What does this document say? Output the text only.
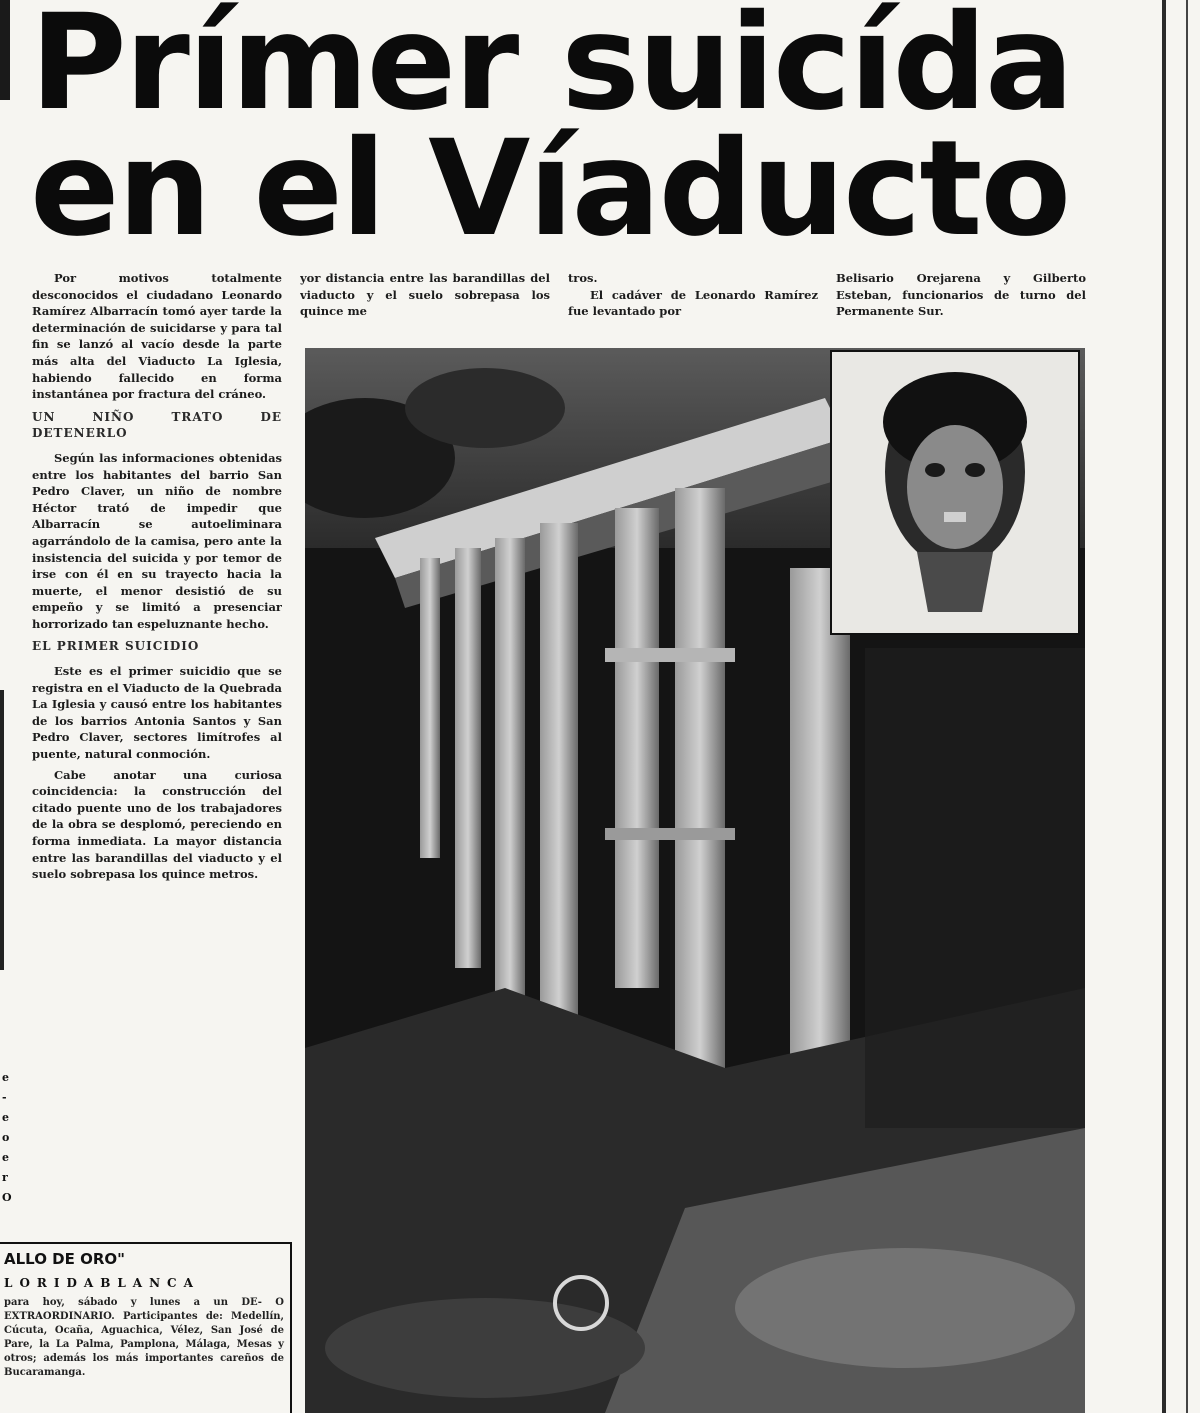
Prímer suicída
en el Víaducto

Por motivos totalmente desconocidos el ciudadano Leonardo Ramírez Albarracín tomó ayer tarde la determinación de suicidarse y para tal fin se lanzó al vacío desde la parte más alta del Viaducto La Iglesia, habiendo fallecido en forma instantánea por fractura del cráneo.

UN NIÑO TRATO DE DETENERLO

Según las informaciones obtenidas entre los habitantes del barrio San Pedro Claver, un niño de nombre Héctor trató de impedir que Albarracín se autoeliminara agarrándolo de la camisa, pero ante la insistencia del suicida y por temor de irse con él en su trayecto hacia la muerte, el menor desistió de su empeño y se limitó a presenciar horrorizado tan espeluznante hecho.

EL PRIMER SUICIDIO

Este es el primer suicidio que se registra en el Viaducto de la Quebrada La Iglesia y causó entre los habitantes de los barrios Antonia Santos y San Pedro Claver, sectores limítrofes al puente, natural conmoción.

Cabe anotar una curiosa coincidencia: la construcción del citado puente uno de los trabajadores de la obra se desplomó, pereciendo en forma inmediata. La mayor distancia entre las barandillas del viaducto y el suelo sobrepasa los quince metros.

yor distancia entre las barandillas del viaducto y el suelo sobrepasa los quince me
tros.

El cadáver de Leonardo Ramírez fue levantado por

Belisario Orejarena y Gilberto Esteban, funcionarios de turno del Permanente Sur.
ALLO DE ORO"
LORIDABLANCA

para hoy, sábado y lunes a un DE- O EXTRAORDINARIO. Participantes de: Medellín, Cúcuta, Ocaña, Aguachica, Vélez, San José de Pare, la La Palma, Pamplona, Málaga, Mesas y otros; además los más importantes careños de Bucaramanga.

e
-
e
o
e
r
O
